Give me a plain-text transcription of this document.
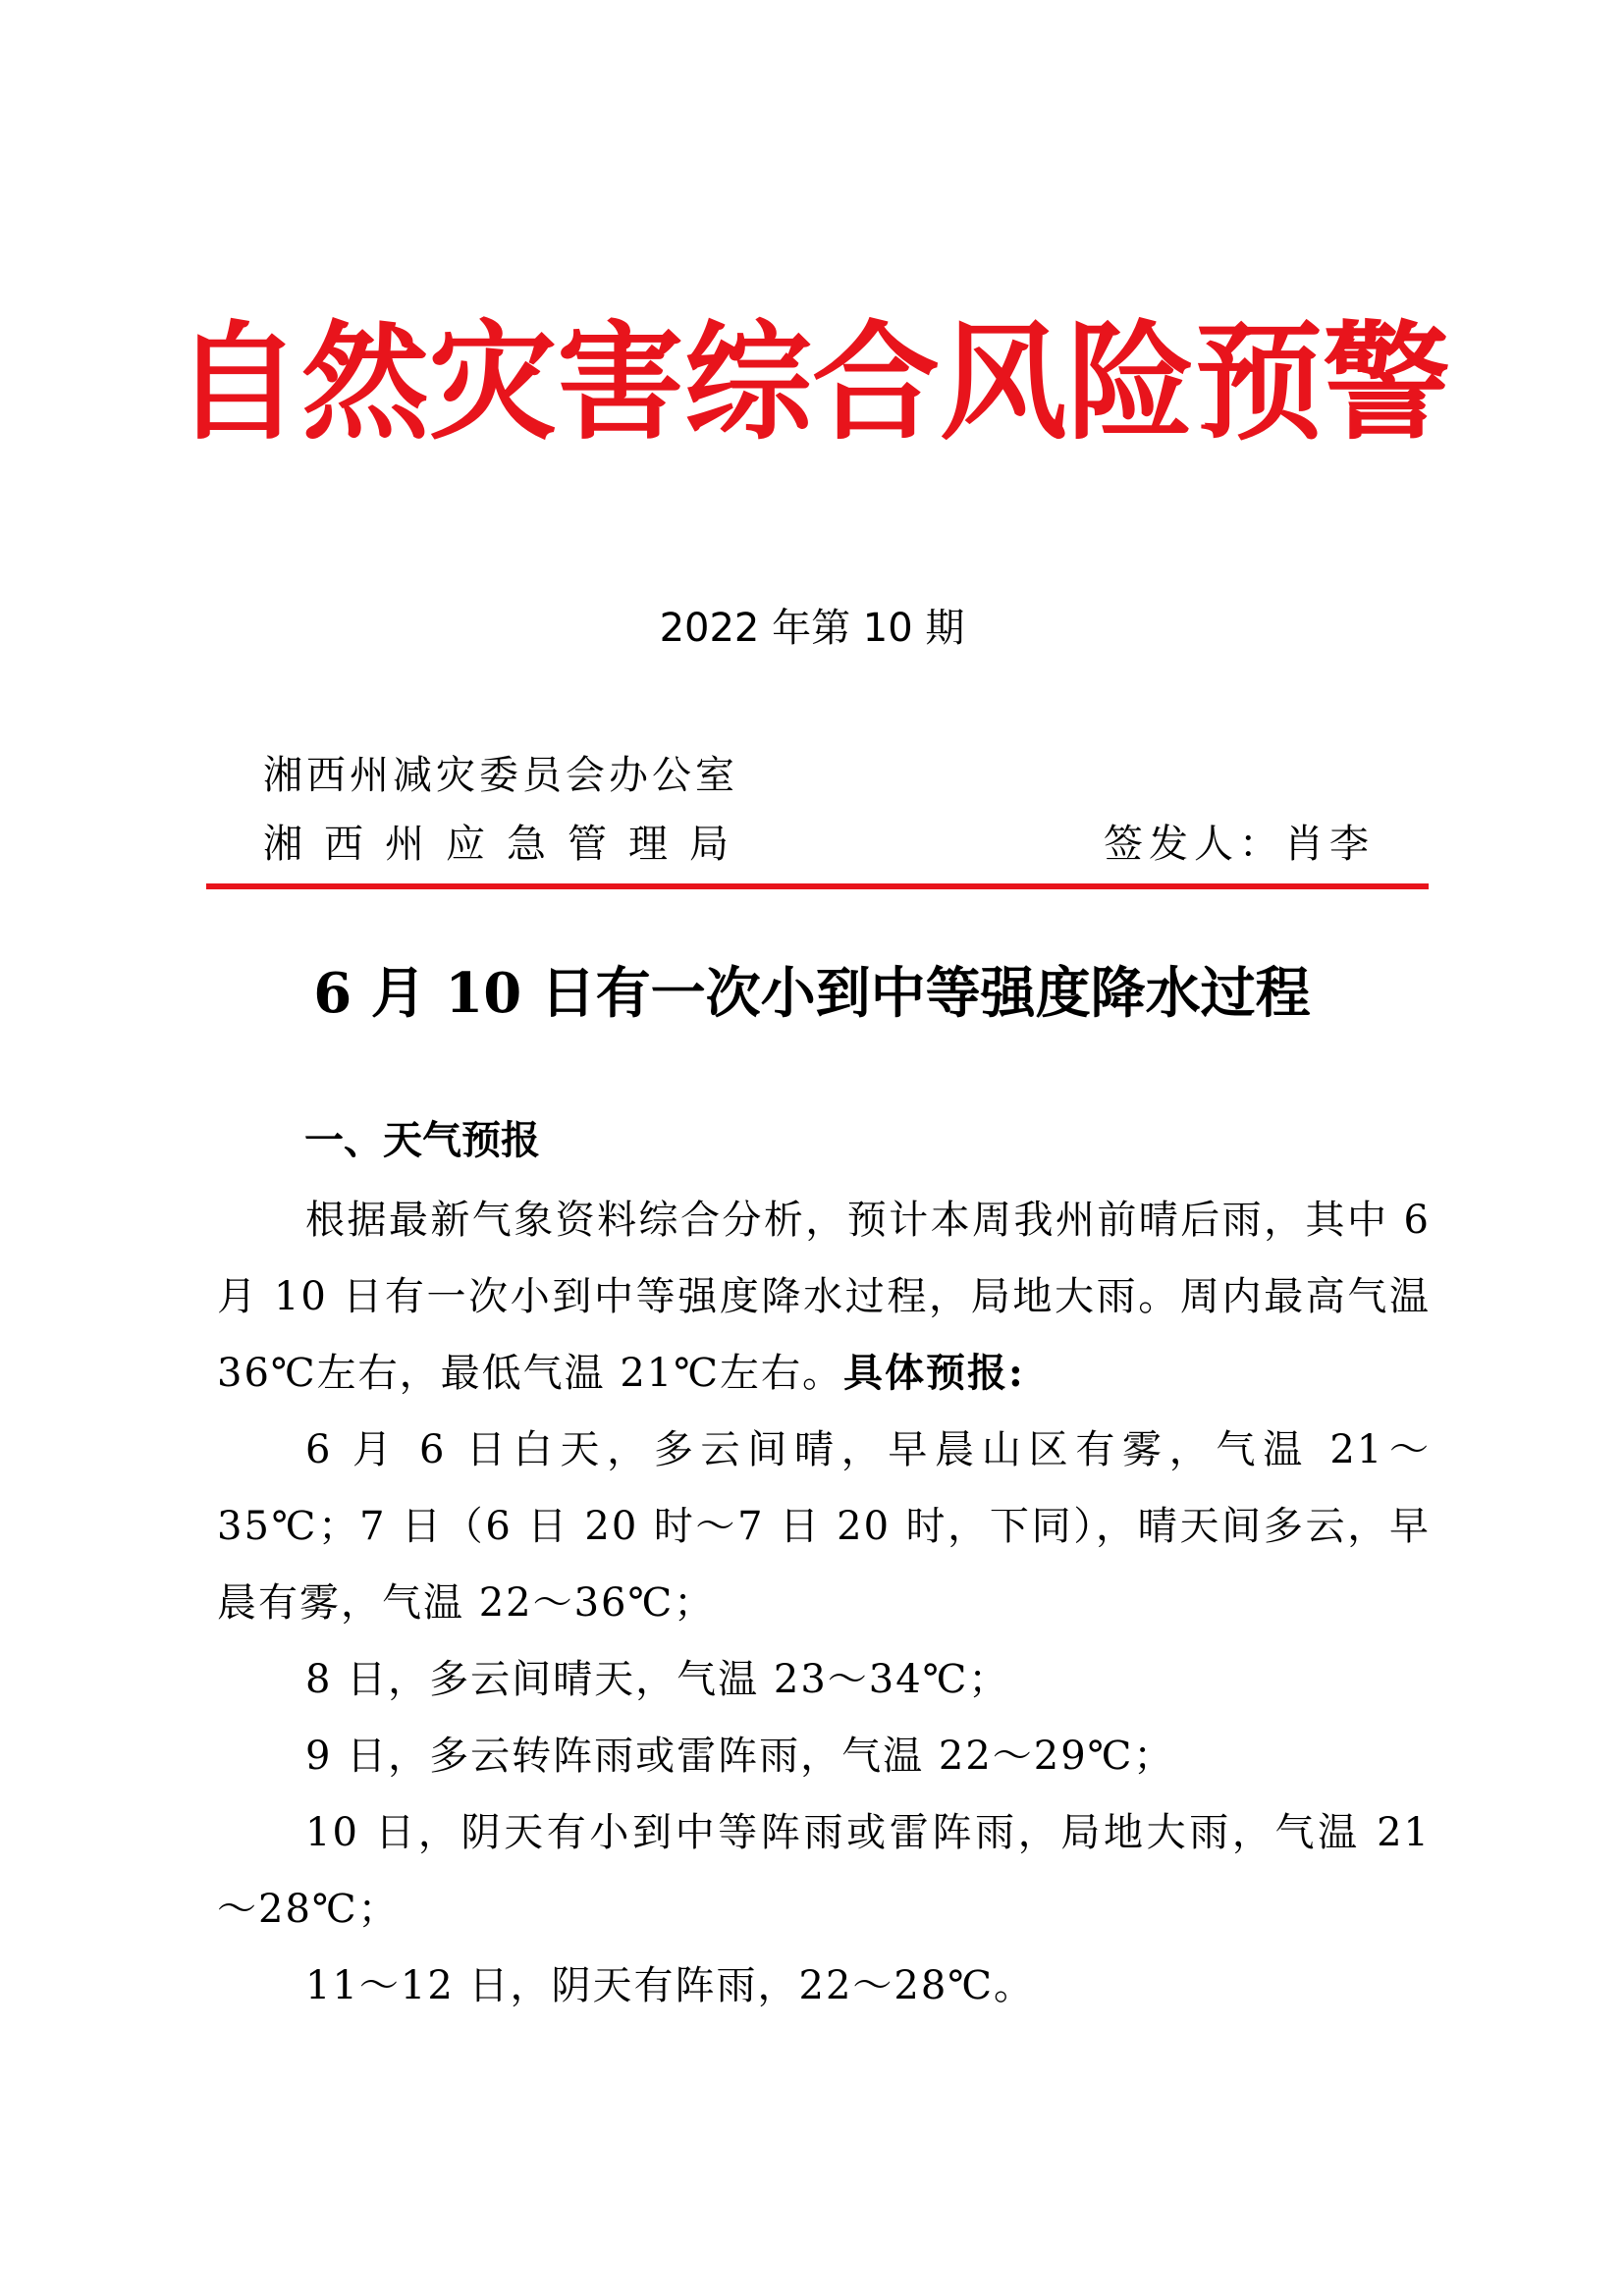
自然灾害综合风险预警
2022 年第 10 期
湘西州减灾委员会办公室
湘西州应急管理局	签发人：肖李
6 月 10 日有一次小到中等强度降水过程
一、天气预报

根据最新气象资料综合分析，预计本周我州前晴后雨，其中 6 月 10 日有一次小到中等强度降水过程，局地大雨。周内最高气温 36℃左右，最低气温 21℃左右。具体预报:

6 月 6 日白天，多云间晴，早晨山区有雾，气温 21～35℃；7 日（6 日 20 时～7 日 20 时，下同），晴天间多云，早晨有雾，气温 22～36℃；

8 日，多云间晴天，气温 23～34℃；

9 日，多云转阵雨或雷阵雨，气温 22～29℃；

10 日，阴天有小到中等阵雨或雷阵雨，局地大雨，气温 21～28℃；

11～12 日，阴天有阵雨，22～28℃。
